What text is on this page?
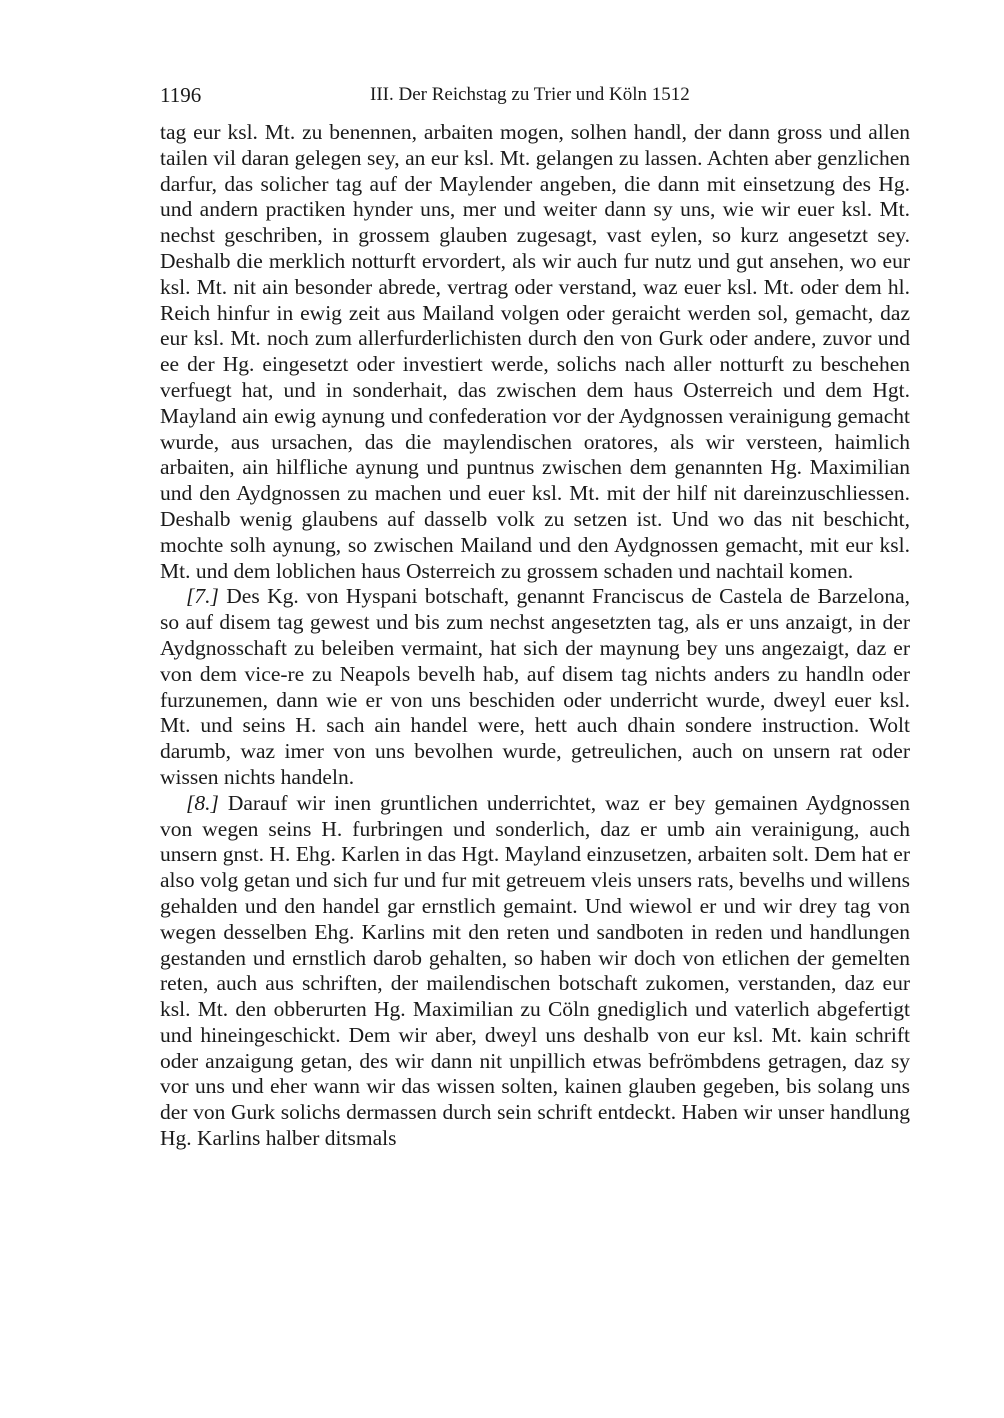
1196	III. Der Reichstag zu Trier und Köln 1512

tag eur ksl. Mt. zu benennen, arbaiten mogen, solhen handl, der dann gross und allen tailen vil daran gelegen sey, an eur ksl. Mt. gelangen zu lassen. Achten aber genzlichen darfur, das solicher tag auf der Maylender angeben, die dann mit einsetzung des Hg. und andern practiken hynder uns, mer und weiter dann sy uns, wie wir euer ksl. Mt. nechst geschriben, in grossem glauben zugesagt, vast eylen, so kurz angesetzt sey. Deshalb die merklich notturft ervordert, als wir auch fur nutz und gut ansehen, wo eur ksl. Mt. nit ain besonder abrede, vertrag oder verstand, waz euer ksl. Mt. oder dem hl. Reich hinfur in ewig zeit aus Mailand volgen oder geraicht werden sol, gemacht, daz eur ksl. Mt. noch zum allerfurderlichisten durch den von Gurk oder andere, zuvor und ee der Hg. eingesetzt oder investiert werde, solichs nach aller notturft zu beschehen verfuegt hat, und in sonderhait, das zwischen dem haus Osterreich und dem Hgt. Mayland ain ewig aynung und confederation vor der Aydgnossen verainigung gemacht wurde, aus ursachen, das die maylendischen oratores, als wir versteen, haimlich arbaiten, ain hilfliche aynung und puntnus zwischen dem genannten Hg. Maximilian und den Aydgnossen zu machen und euer ksl. Mt. mit der hilf nit dareinzuschliessen. Deshalb wenig glaubens auf dasselb volk zu setzen ist. Und wo das nit beschicht, mochte solh aynung, so zwischen Mailand und den Aydgnossen gemacht, mit eur ksl. Mt. und dem loblichen haus Osterreich zu grossem schaden und nachtail komen.

[7.] Des Kg. von Hyspani botschaft, genannt Franciscus de Castela de Barzelona, so auf disem tag gewest und bis zum nechst angesetzten tag, als er uns anzaigt, in der Aydgnosschaft zu beleiben vermaint, hat sich der maynung bey uns angezaigt, daz er von dem vice-re zu Neapols bevelh hab, auf disem tag nichts anders zu handln oder furzunemen, dann wie er von uns beschiden oder underricht wurde, dweyl euer ksl. Mt. und seins H. sach ain handel were, hett auch dhain sondere instruction. Wolt darumb, waz imer von uns bevolhen wurde, getreulichen, auch on unsern rat oder wissen nichts handeln.

[8.] Darauf wir inen gruntlichen underrichtet, waz er bey gemainen Aydgnossen von wegen seins H. furbringen und sonderlich, daz er umb ain verainigung, auch unsern gnst. H. Ehg. Karlen in das Hgt. Mayland einzusetzen, arbaiten solt. Dem hat er also volg getan und sich fur und fur mit getreuem vleis unsers rats, bevelhs und willens gehalden und den handel gar ernstlich gemaint. Und wiewol er und wir drey tag von wegen desselben Ehg. Karlins mit den reten und sandboten in reden und handlungen gestanden und ernstlich darob gehalten, so haben wir doch von etlichen der gemelten reten, auch aus schriften, der mailendischen botschaft zukomen, verstanden, daz eur ksl. Mt. den obberurten Hg. Maximilian zu Cöln gnediglich und vaterlich abgefertigt und hineingeschickt. Dem wir aber, dweyl uns deshalb von eur ksl. Mt. kain schrift oder anzaigung getan, des wir dann nit unpillich etwas befrömbdens getragen, daz sy vor uns und eher wann wir das wissen solten, kainen glauben gegeben, bis solang uns der von Gurk solichs dermassen durch sein schrift entdeckt. Haben wir unser handlung Hg. Karlins halber ditsmals
